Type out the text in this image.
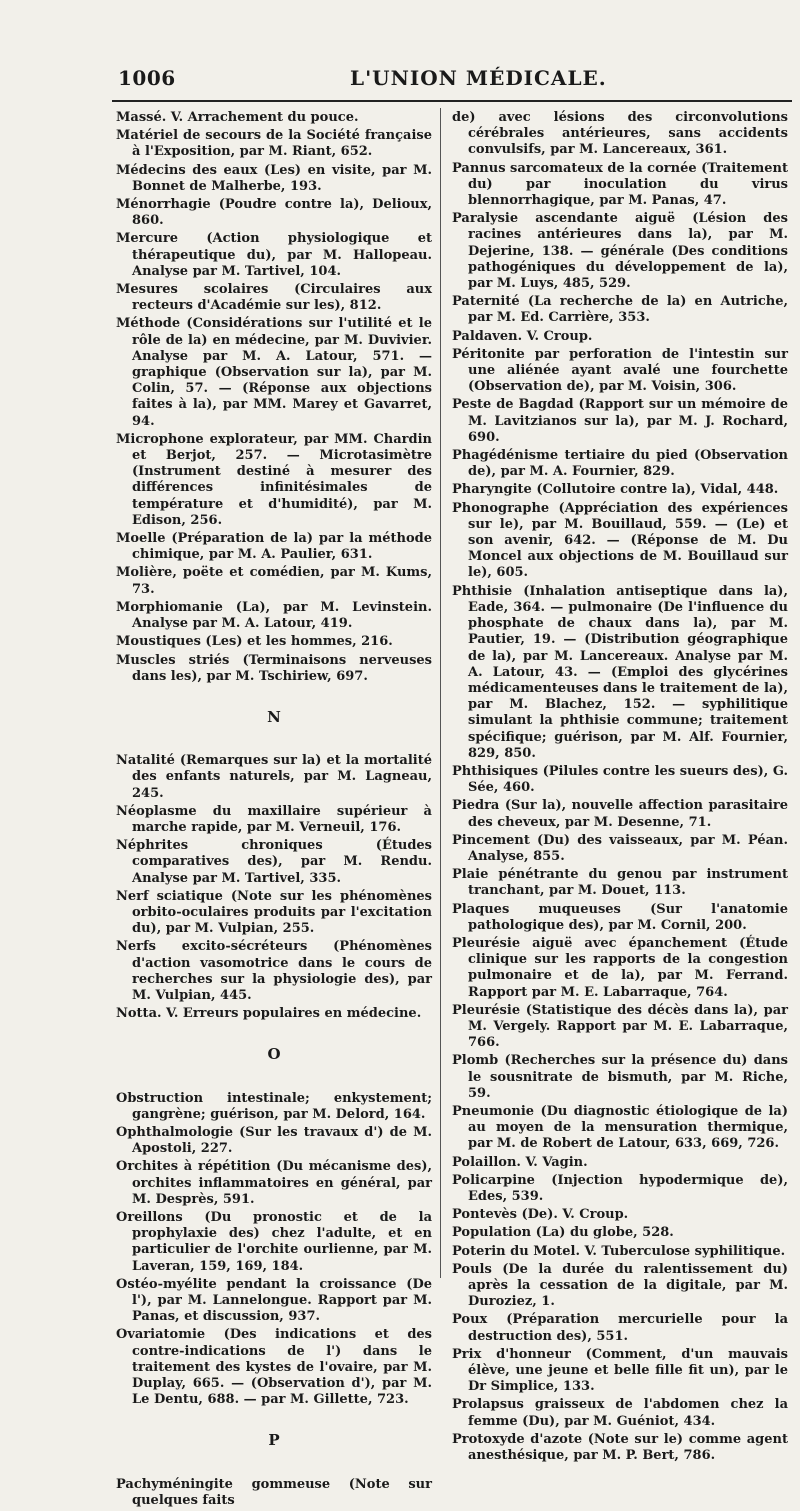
1006	L'UNION MÉDICALE.

Massé. V. Arrachement du pouce.

Matériel de secours de la Société française à l'Exposition, par M. Riant, 652.

Médecins des eaux (Les) en visite, par M. Bonnet de Malherbe, 193.

Ménorrhagie (Poudre contre la), Delioux, 860.

Mercure (Action physiologique et thérapeutique du), par M. Hallopeau. Analyse par M. Tartivel, 104.

Mesures scolaires (Circulaires aux recteurs d'Académie sur les), 812.

Méthode (Considérations sur l'utilité et le rôle de la) en médecine, par M. Duvivier. Analyse par M. A. Latour, 571. — graphique (Observation sur la), par M. Colin, 57. — (Réponse aux objections faites à la), par MM. Marey et Gavarret, 94.

Microphone explorateur, par MM. Chardin et Berjot, 257. — Microtasimètre (Instrument destiné à mesurer des différences infinitésimales de température et d'humidité), par M. Edison, 256.

Moelle (Préparation de la) par la méthode chimique, par M. A. Paulier, 631.

Molière, poëte et comédien, par M. Kums, 73.

Morphiomanie (La), par M. Levinstein. Analyse par M. A. Latour, 419.

Moustiques (Les) et les hommes, 216.

Muscles striés (Terminaisons nerveuses dans les), par M. Tschiriew, 697.

N

Natalité (Remarques sur la) et la mortalité des enfants naturels, par M. Lagneau, 245.

Néoplasme du maxillaire supérieur à marche rapide, par M. Verneuil, 176.

Néphrites chroniques (Études comparatives des), par M. Rendu. Analyse par M. Tartivel, 335.

Nerf sciatique (Note sur les phénomènes orbito-oculaires produits par l'excitation du), par M. Vulpian, 255.

Nerfs excito-sécréteurs (Phénomènes d'action vasomotrice dans le cours de recherches sur la physiologie des), par M. Vulpian, 445.

Notta. V. Erreurs populaires en médecine.

O

Obstruction intestinale; enkystement; gangrène; guérison, par M. Delord, 164.

Ophthalmologie (Sur les travaux d') de M. Apostoli, 227.

Orchites à répétition (Du mécanisme des), orchites inflammatoires en général, par M. Desprès, 591.

Oreillons (Du pronostic et de la prophylaxie des) chez l'adulte, et en particulier de l'orchite ourlienne, par M. Laveran, 159, 169, 184.

Ostéo-myélite pendant la croissance (De l'), par M. Lannelongue. Rapport par M. Panas, et discussion, 937.

Ovariatomie (Des indications et des contre-indications de l') dans le traitement des kystes de l'ovaire, par M. Duplay, 665. — (Observation d'), par M. Le Dentu, 688. — par M. Gillette, 723.

P

Pachyméningite gommeuse (Note sur quelques faits

de) avec lésions des circonvolutions cérébrales antérieures, sans accidents convulsifs, par M. Lancereaux, 361.

Pannus sarcomateux de la cornée (Traitement du) par inoculation du virus blennorrhagique, par M. Panas, 47.

Paralysie ascendante aiguë (Lésion des racines antérieures dans la), par M. Dejerine, 138. — générale (Des conditions pathogéniques du développement de la), par M. Luys, 485, 529.

Paternité (La recherche de la) en Autriche, par M. Ed. Carrière, 353.

Paldaven. V. Croup.

Péritonite par perforation de l'intestin sur une aliénée ayant avalé une fourchette (Observation de), par M. Voisin, 306.

Peste de Bagdad (Rapport sur un mémoire de M. Lavitzianos sur la), par M. J. Rochard, 690.

Phagédénisme tertiaire du pied (Observation de), par M. A. Fournier, 829.

Pharyngite (Collutoire contre la), Vidal, 448.

Phonographe (Appréciation des expériences sur le), par M. Bouillaud, 559. — (Le) et son avenir, 642. — (Réponse de M. Du Moncel aux objections de M. Bouillaud sur le), 605.

Phthisie (Inhalation antiseptique dans la), Eade, 364. — pulmonaire (De l'influence du phosphate de chaux dans la), par M. Pautier, 19. — (Distribution géographique de la), par M. Lancereaux. Analyse par M. A. Latour, 43. — (Emploi des glycérines médicamenteuses dans le traitement de la), par M. Blachez, 152. — syphilitique simulant la phthisie commune; traitement spécifique; guérison, par M. Alf. Fournier, 829, 850.

Phthisiques (Pilules contre les sueurs des), G. Sée, 460.

Piedra (Sur la), nouvelle affection parasitaire des cheveux, par M. Desenne, 71.

Pincement (Du) des vaisseaux, par M. Péan. Analyse, 855.

Plaie pénétrante du genou par instrument tranchant, par M. Douet, 113.

Plaques muqueuses (Sur l'anatomie pathologique des), par M. Cornil, 200.

Pleurésie aiguë avec épanchement (Étude clinique sur les rapports de la congestion pulmonaire et de la), par M. Ferrand. Rapport par M. E. Labarraque, 764.

Pleurésie (Statistique des décès dans la), par M. Vergely. Rapport par M. E. Labarraque, 766.

Plomb (Recherches sur la présence du) dans le sousnitrate de bismuth, par M. Riche, 59.

Pneumonie (Du diagnostic étiologique de la) au moyen de la mensuration thermique, par M. de Robert de Latour, 633, 669, 726.

Polaillon. V. Vagin.

Policarpine (Injection hypodermique de), Edes, 539.

Pontevès (De). V. Croup.

Population (La) du globe, 528.

Poterin du Motel. V. Tuberculose syphilitique.

Pouls (De la durée du ralentissement du) après la cessation de la digitale, par M. Duroziez, 1.

Poux (Préparation mercurielle pour la destruction des), 551.

Prix d'honneur (Comment, d'un mauvais élève, une jeune et belle fille fit un), par le Dr Simplice, 133.

Prolapsus graisseux de l'abdomen chez la femme (Du), par M. Guéniot, 434.

Protoxyde d'azote (Note sur le) comme agent anesthésique, par M. P. Bert, 786.
